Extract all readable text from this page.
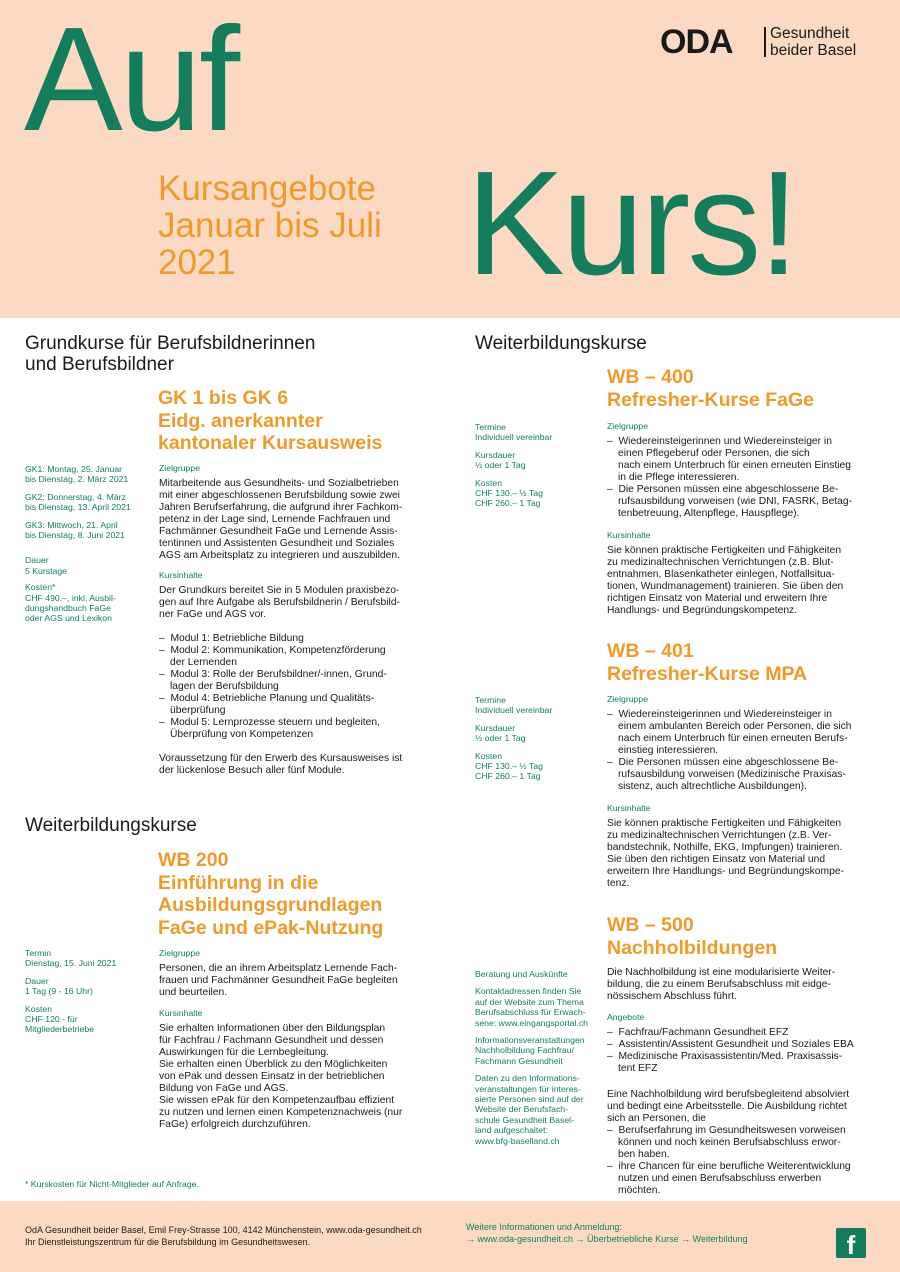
Auf
Kurs!
Kursangebote
Januar bis Juli
2021
ODA Gesundheit
beider Basel
Grundkurse für Berufsbildnerinnen
und Berufsbildner
GK 1 bis GK 6
Eidg. anerkannter
kantonaler Kursausweis
GK1: Montag, 25. Januar
bis Dienstag, 2. März 2021
GK2: Donnerstag, 4. März
bis Dienstag, 13. April 2021
GK3: Mittwoch, 21. April
bis Dienstag, 8. Juni 2021
Dauer
5 Kurstage
Kosten*
CHF 490.–, inkl. Ausbil-
dungshandbuch FaGe
oder AGS und Lexikon
Zielgruppe
Mitarbeitende aus Gesundheits- und Sozialbetrieben
mit einer abgeschlossenen Berufsbildung sowie zwei
Jahren Berufserfahrung, die aufgrund ihrer Fachkom-
petenz in der Lage sind, Lernende Fachfrauen und
Fachmänner Gesundheit FaGe und Lernende Assis-
tentinnen und Assistenten Gesundheit und Soziales
AGS am Arbeitsplatz zu integrieren und auszubilden.
Kursinhalte
Der Grundkurs bereitet Sie in 5 Modulen praxisbezo-
gen auf Ihre Aufgabe als Berufsbildnerin / Berufsbild-
ner FaGe und AGS vor.
–  Modul 1: Betriebliche Bildung
–  Modul 2: Kommunikation, Kompetenzförderung
der Lernenden
–  Modul 3: Rolle der Berufsbildner/-innen, Grund-
lagen der Berufsbildung
–  Modul 4: Betriebliche Planung und Qualitäts-
überprüfung
–  Modul 5: Lernprozesse steuern und begleiten,
Überprüfung von Kompetenzen
Voraussetzung für den Erwerb des Kursausweises ist
der lückenlose Besuch aller fünf Module.
Weiterbildungskurse
WB 200
Einführung in die
Ausbildungsgrundlagen
FaGe und ePak-Nutzung
Termin
Dienstag, 15. Juni 2021
Dauer
1 Tag (9 - 16 Uhr)
Kosten
CHF 120.- für
Mitgliederbetriebe
Zielgruppe
Personen, die an ihrem Arbeitsplatz Lernende Fach-
frauen und Fachmänner Gesundheit FaGe begleiten
und beurteilen.
Kursinhalte
Sie erhalten Informationen über den Bildungsplan
für Fachfrau / Fachmann Gesundheit und dessen
Auswirkungen für die Lernbegleitung.
Sie erhalten einen Überblick zu den Möglichkeiten
von ePak und dessen Einsatz in der betrieblichen
Bildung von FaGe und AGS.
Sie wissen ePak für den Kompetenzaufbau effizient
zu nutzen und lernen einen Kompetenznachweis (nur
FaGe) erfolgreich durchzuführen.
* Kurskosten für Nicht-Mitglieder auf Anfrage.
Weiterbildungskurse
WB – 400
Refresher-Kurse FaGe
Termine
Individuell vereinbar
Kursdauer
½ oder 1 Tag
Kosten
CHF 130.– ½ Tag
CHF 260.– 1 Tag
Zielgruppe
–  Wiedereinsteigerinnen und Wiedereinsteiger in
einen Pflegeberuf oder Personen, die sich
nach einem Unterbruch für einen erneuten Einstieg
in die Pflege interessieren.
–  Die Personen müssen eine abgeschlossene Be-
rufsausbildung vorweisen (wie DNI, FASRK, Betag-
tenbetreuung, Altenpflege, Hauspflege).
Kursinhalte
Sie können praktische Fertigkeiten und Fähigkeiten
zu medizinaltechnischen Verrichtungen (z.B. Blut-
entnahmen, Blasenkatheter einlegen, Notfallsitua-
tionen, Wundmanagement) trainieren. Sie üben den
richtigen Einsatz von Material und erweitern Ihre
Handlungs- und Begründungskompetenz.
WB – 401
Refresher-Kurse MPA
Termine
Individuell vereinbar
Kursdauer
½ oder 1 Tag
Kosten
CHF 130.– ½ Tag
CHF 260.– 1 Tag
Zielgruppe
–  Wiedereinsteigerinnen und Wiedereinsteiger in
einem ambulanten Bereich oder Personen, die sich
nach einem Unterbruch für einen erneuten Berufs-
einstieg interessieren.
–  Die Personen müssen eine abgeschlossene Be-
rufsausbildung vorweisen (Medizinische Praxisas-
sistenz, auch altrechtliche Ausbildungen).
Kursinhalte
Sie können praktische Fertigkeiten und Fähigkeiten
zu medizinaltechnischen Verrichtungen (z.B. Ver-
bandstechnik, Nothilfe, EKG, Impfungen) trainieren.
Sie üben den richtigen Einsatz von Material und
erweitern Ihre Handlungs- und Begründungskompe-
tenz.
WB – 500
Nachholbildungen
Beratung und Auskünfte
Kontaktadressen finden Sie
auf der Website zum Thema
Berufsabschluss für Erwach-
sene: www.eingangsportal.ch
Informationsveranstaltungen
Nachholbildung Fachfrau/
Fachmann Gesundheit
Daten zu den Informations-
veranstaltungen für interes-
sierte Personen sind auf der
Website der Berufsfach-
schule Gesundheit Basel-
land aufgeschaltet:
www.bfg-baselland.ch
Die Nachholbildung ist eine modularisierte Weiter-
bildung, die zu einem Berufsabschluss mit eidge-
nössischem Abschluss führt.
Angebote
–  Fachfrau/Fachmann Gesundheit EFZ
–  Assistentin/Assistent Gesundheit und Soziales EBA
–  Medizinische Praxisassistentin/Med. Praxisassis-
tent EFZ
Eine Nachholbildung wird berufsbegleitend absolviert
und bedingt eine Arbeitsstelle. Die Ausbildung richtet
sich an Personen, die
–  Berufserfahrung im Gesundheitswesen vorweisen
können und noch keinen Berufsabschluss erwor-
ben haben.
–  ihre Chancen für eine berufliche Weiterentwicklung
nutzen und einen Berufsabschluss erwerben
möchten.
OdA Gesundheit beider Basel, Emil Frey-Strasse 100, 4142 Münchenstein, www.oda-gesundheit.ch
Ihr Dienstleistungszentrum für die Berufsbildung im Gesundheitswesen.
Weitere Informationen und Anmeldung:
→ www.oda-gesundheit.ch → Überbetriebliche Kurse → Weiterbildung	f
